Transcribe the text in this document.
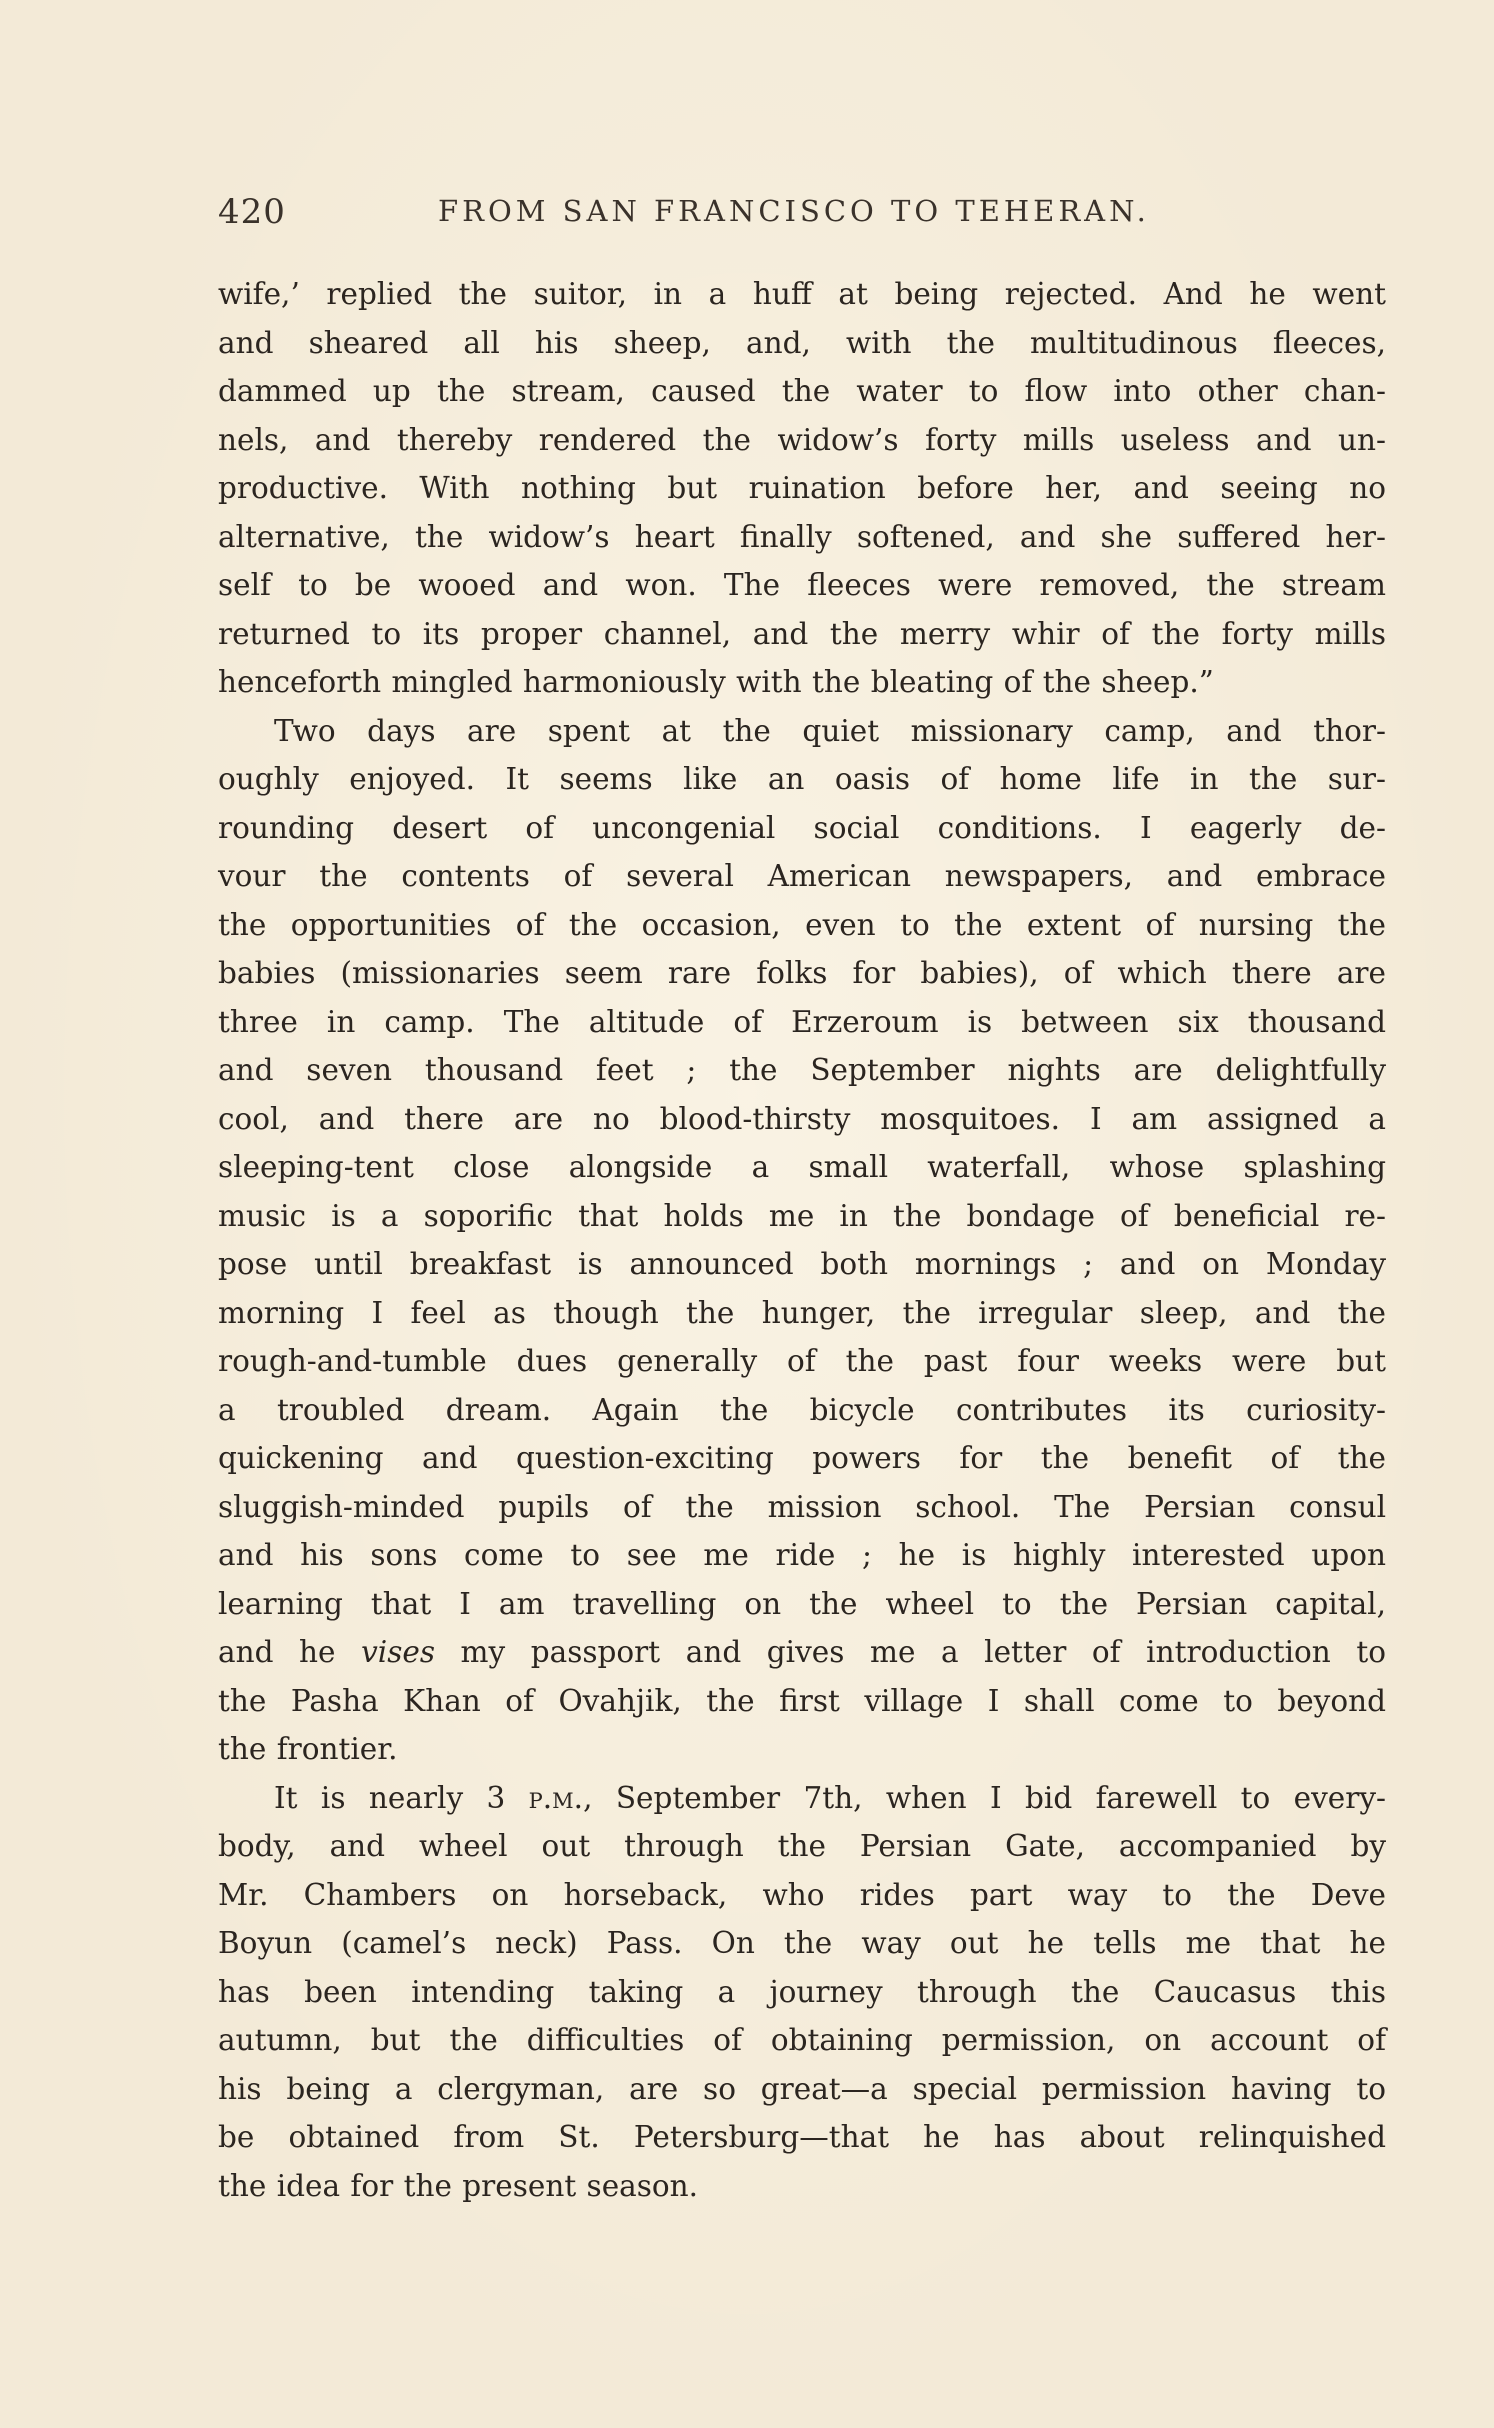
420	FROM SAN FRANCISCO TO TEHERAN.
wife,’ replied the suitor, in a huff at being rejected. And he went
and sheared all his sheep, and, with the multitudinous fleeces,
dammed up the stream, caused the water to flow into other chan-
nels, and thereby rendered the widow’s forty mills useless and un-
productive. With nothing but ruination before her, and seeing no
alternative, the widow’s heart finally softened, and she suffered her-
self to be wooed and won. The fleeces were removed, the stream
returned to its proper channel, and the merry whir of the forty mills
henceforth mingled harmoniously with the bleating of the sheep.”
Two days are spent at the quiet missionary camp, and thor-
oughly enjoyed. It seems like an oasis of home life in the sur-
rounding desert of uncongenial social conditions. I eagerly de-
vour the contents of several American newspapers, and embrace
the opportunities of the occasion, even to the extent of nursing the
babies (missionaries seem rare folks for babies), of which there are
three in camp. The altitude of Erzeroum is between six thousand
and seven thousand feet ; the September nights are delightfully
cool, and there are no blood-thirsty mosquitoes. I am assigned a
sleeping-tent close alongside a small waterfall, whose splashing
music is a soporific that holds me in the bondage of beneficial re-
pose until breakfast is announced both mornings ; and on Monday
morning I feel as though the hunger, the irregular sleep, and the
rough-and-tumble dues generally of the past four weeks were but
a troubled dream. Again the bicycle contributes its curiosity-
quickening and question-exciting powers for the benefit of the
sluggish-minded pupils of the mission school. The Persian consul
and his sons come to see me ride ; he is highly interested upon
learning that I am travelling on the wheel to the Persian capital,
and he vises my passport and gives me a letter of introduction to
the Pasha Khan of Ovahjik, the first village I shall come to beyond
the frontier.
It is nearly 3 p.m., September 7th, when I bid farewell to every-
body, and wheel out through the Persian Gate, accompanied by
Mr. Chambers on horseback, who rides part way to the Deve
Boyun (camel’s neck) Pass. On the way out he tells me that he
has been intending taking a journey through the Caucasus this
autumn, but the difficulties of obtaining permission, on account of
his being a clergyman, are so great—a special permission having to
be obtained from St. Petersburg—that he has about relinquished
the idea for the present season.
